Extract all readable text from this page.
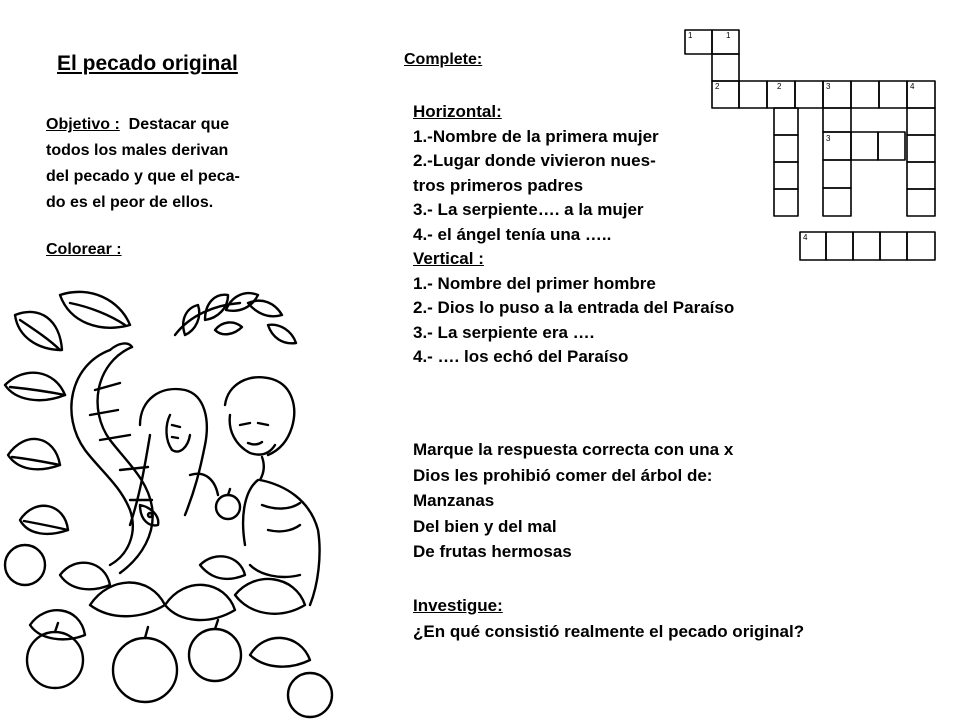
El pecado original	Complete:
Objetivo : Destacar que
todos los males derivan
del pecado y que el peca-
do es el peor de ellos.
Colorear :
Horizontal:
1.-Nombre de la primera mujer
2.-Lugar donde vivieron nues-
tros primeros padres
3.- La serpiente…. a la mujer
4.- el ángel tenía una …..
Vertical :
1.- Nombre del primer hombre
2.- Dios lo puso a la entrada del Paraíso
3.- La serpiente era ….
4.- …. los echó del Paraíso
Marque la respuesta correcta con una x
Dios les prohibió comer del árbol de:
Manzanas
Del bien y del mal
De frutas hermosas
Investigue:
¿En qué consistió realmente el pecado original?
1	1
2	2	3	4
3
4
